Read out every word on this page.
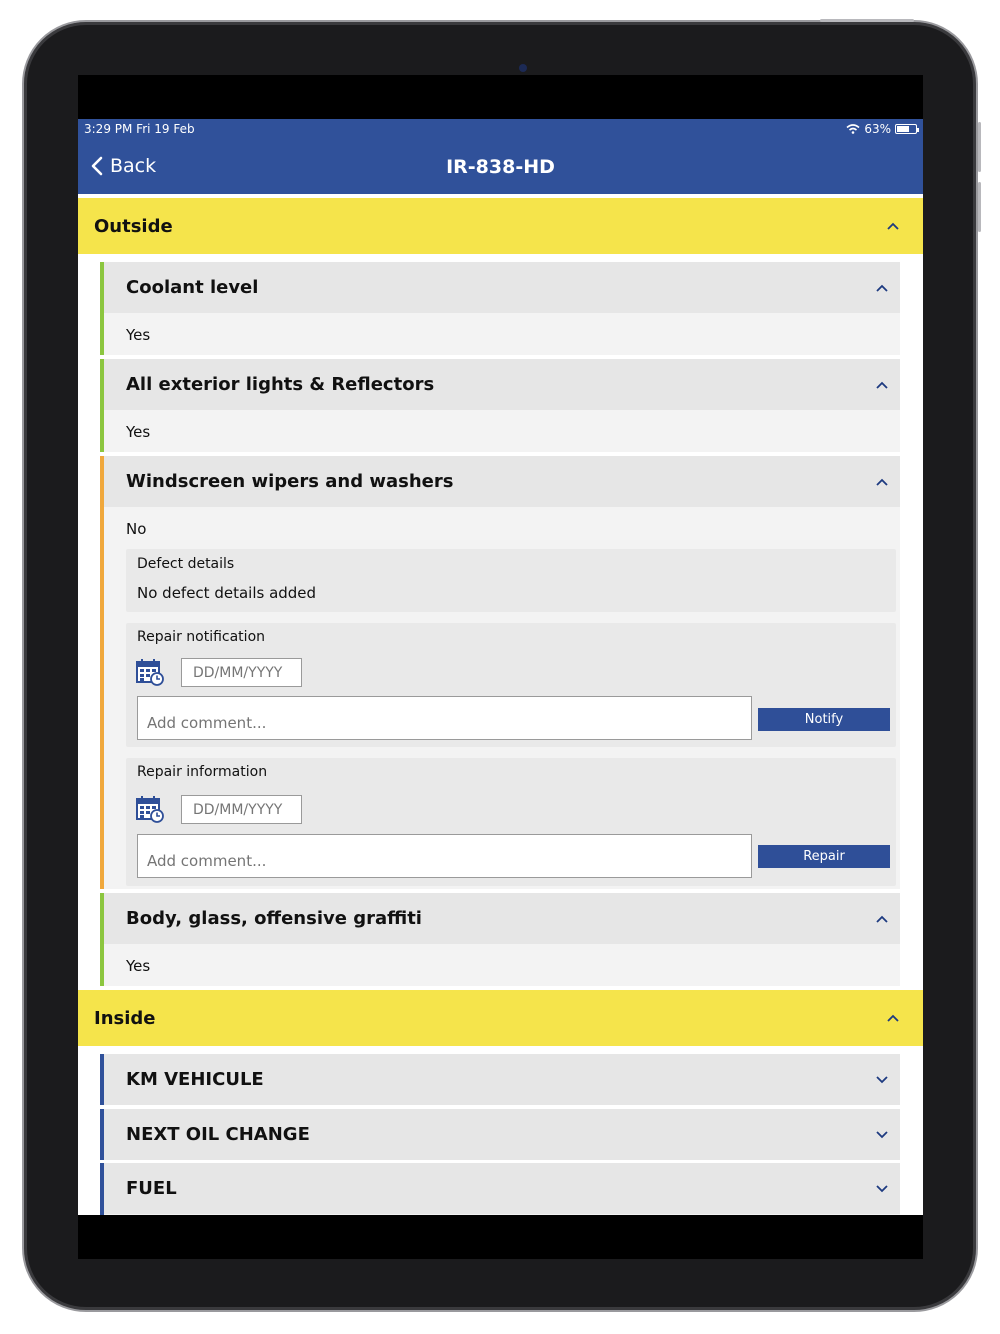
3:29 PM Fri 19 Feb	63%
Back	IR-838-HD
Outside
Coolant level
Yes
All exterior lights & Reflectors
Yes
Windscreen wipers and washers
No
Defect details
No defect details added
Repair notification
DD/MM/YYYY
Add comment...
Notify
Repair information
DD/MM/YYYY
Add comment...
Repair
Body, glass, offensive graffiti
Yes
Inside
KM VEHICULE
NEXT OIL CHANGE
FUEL
